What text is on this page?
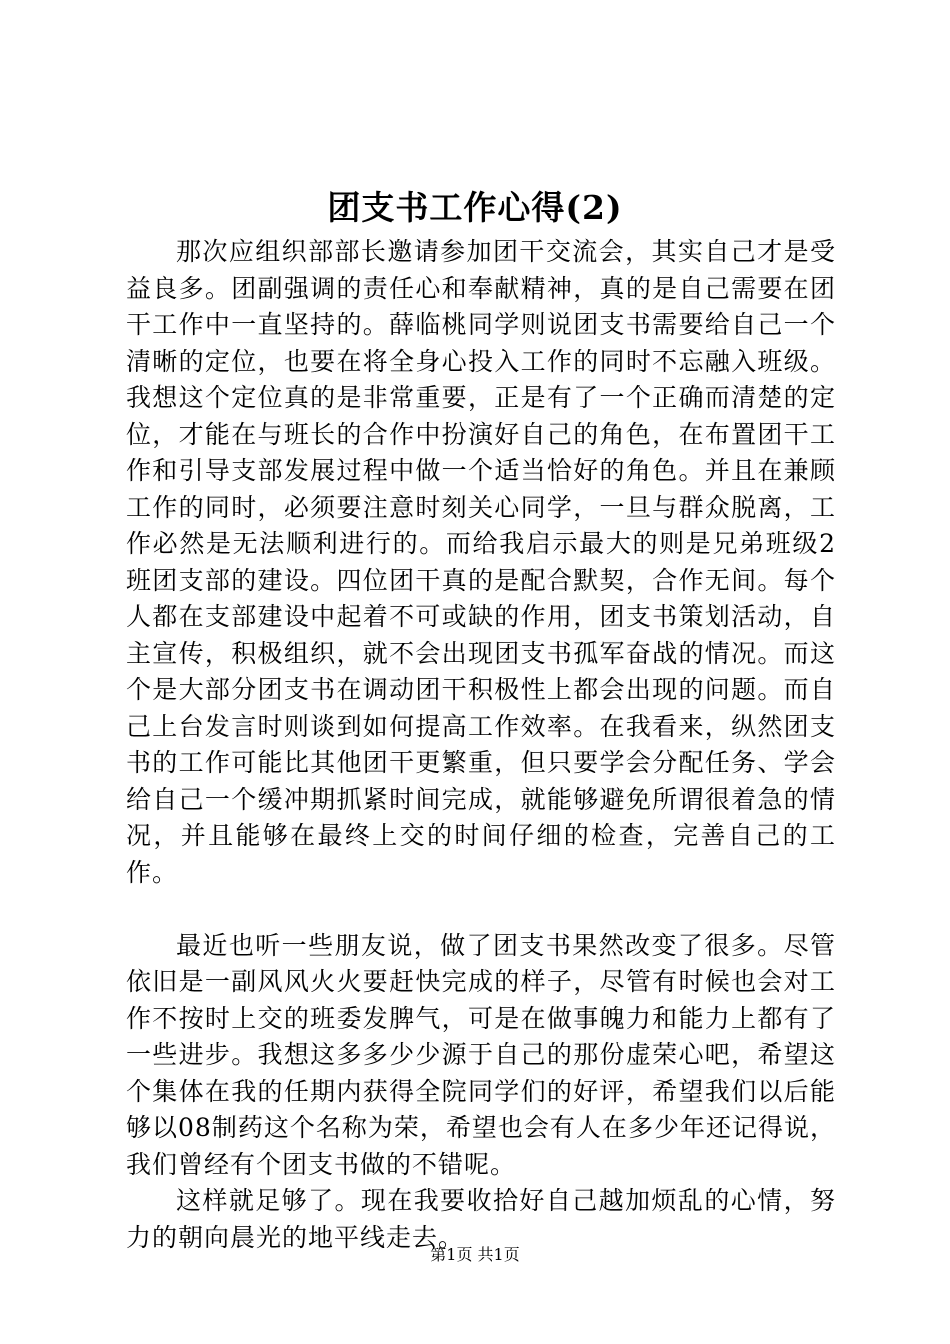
团支书工作心得(2)

那次应组织部部长邀请参加团干交流会，其实自己才是受益良多。团副强调的责任心和奉献精神，真的是自己需要在团干工作中一直坚持的。薛临桃同学则说团支书需要给自己一个清晰的定位，也要在将全身心投入工作的同时不忘融入班级。我想这个定位真的是非常重要，正是有了一个正确而清楚的定位，才能在与班长的合作中扮演好自己的角色，在布置团干工作和引导支部发展过程中做一个适当恰好的角色。并且在兼顾工作的同时，必须要注意时刻关心同学，一旦与群众脱离，工作必然是无法顺利进行的。而给我启示最大的则是兄弟班级2班团支部的建设。四位团干真的是配合默契，合作无间。每个人都在支部建设中起着不可或缺的作用，团支书策划活动，自主宣传，积极组织，就不会出现团支书孤军奋战的情况。而这个是大部分团支书在调动团干积极性上都会出现的问题。而自己上台发言时则谈到如何提高工作效率。在我看来，纵然团支书的工作可能比其他团干更繁重，但只要学会分配任务、学会给自己一个缓冲期抓紧时间完成，就能够避免所谓很着急的情况，并且能够在最终上交的时间仔细的检查，完善自己的工作。

最近也听一些朋友说，做了团支书果然改变了很多。尽管依旧是一副风风火火要赶快完成的样子，尽管有时候也会对工作不按时上交的班委发脾气，可是在做事魄力和能力上都有了一些进步。我想这多多少少源于自己的那份虚荣心吧，希望这个集体在我的任期内获得全院同学们的好评，希望我们以后能够以08制药这个名称为荣，希望也会有人在多少年还记得说，我们曾经有个团支书做的不错呢。

这样就足够了。现在我要收拾好自己越加烦乱的心情，努力的朝向晨光的地平线走去。

第1页 共1页
